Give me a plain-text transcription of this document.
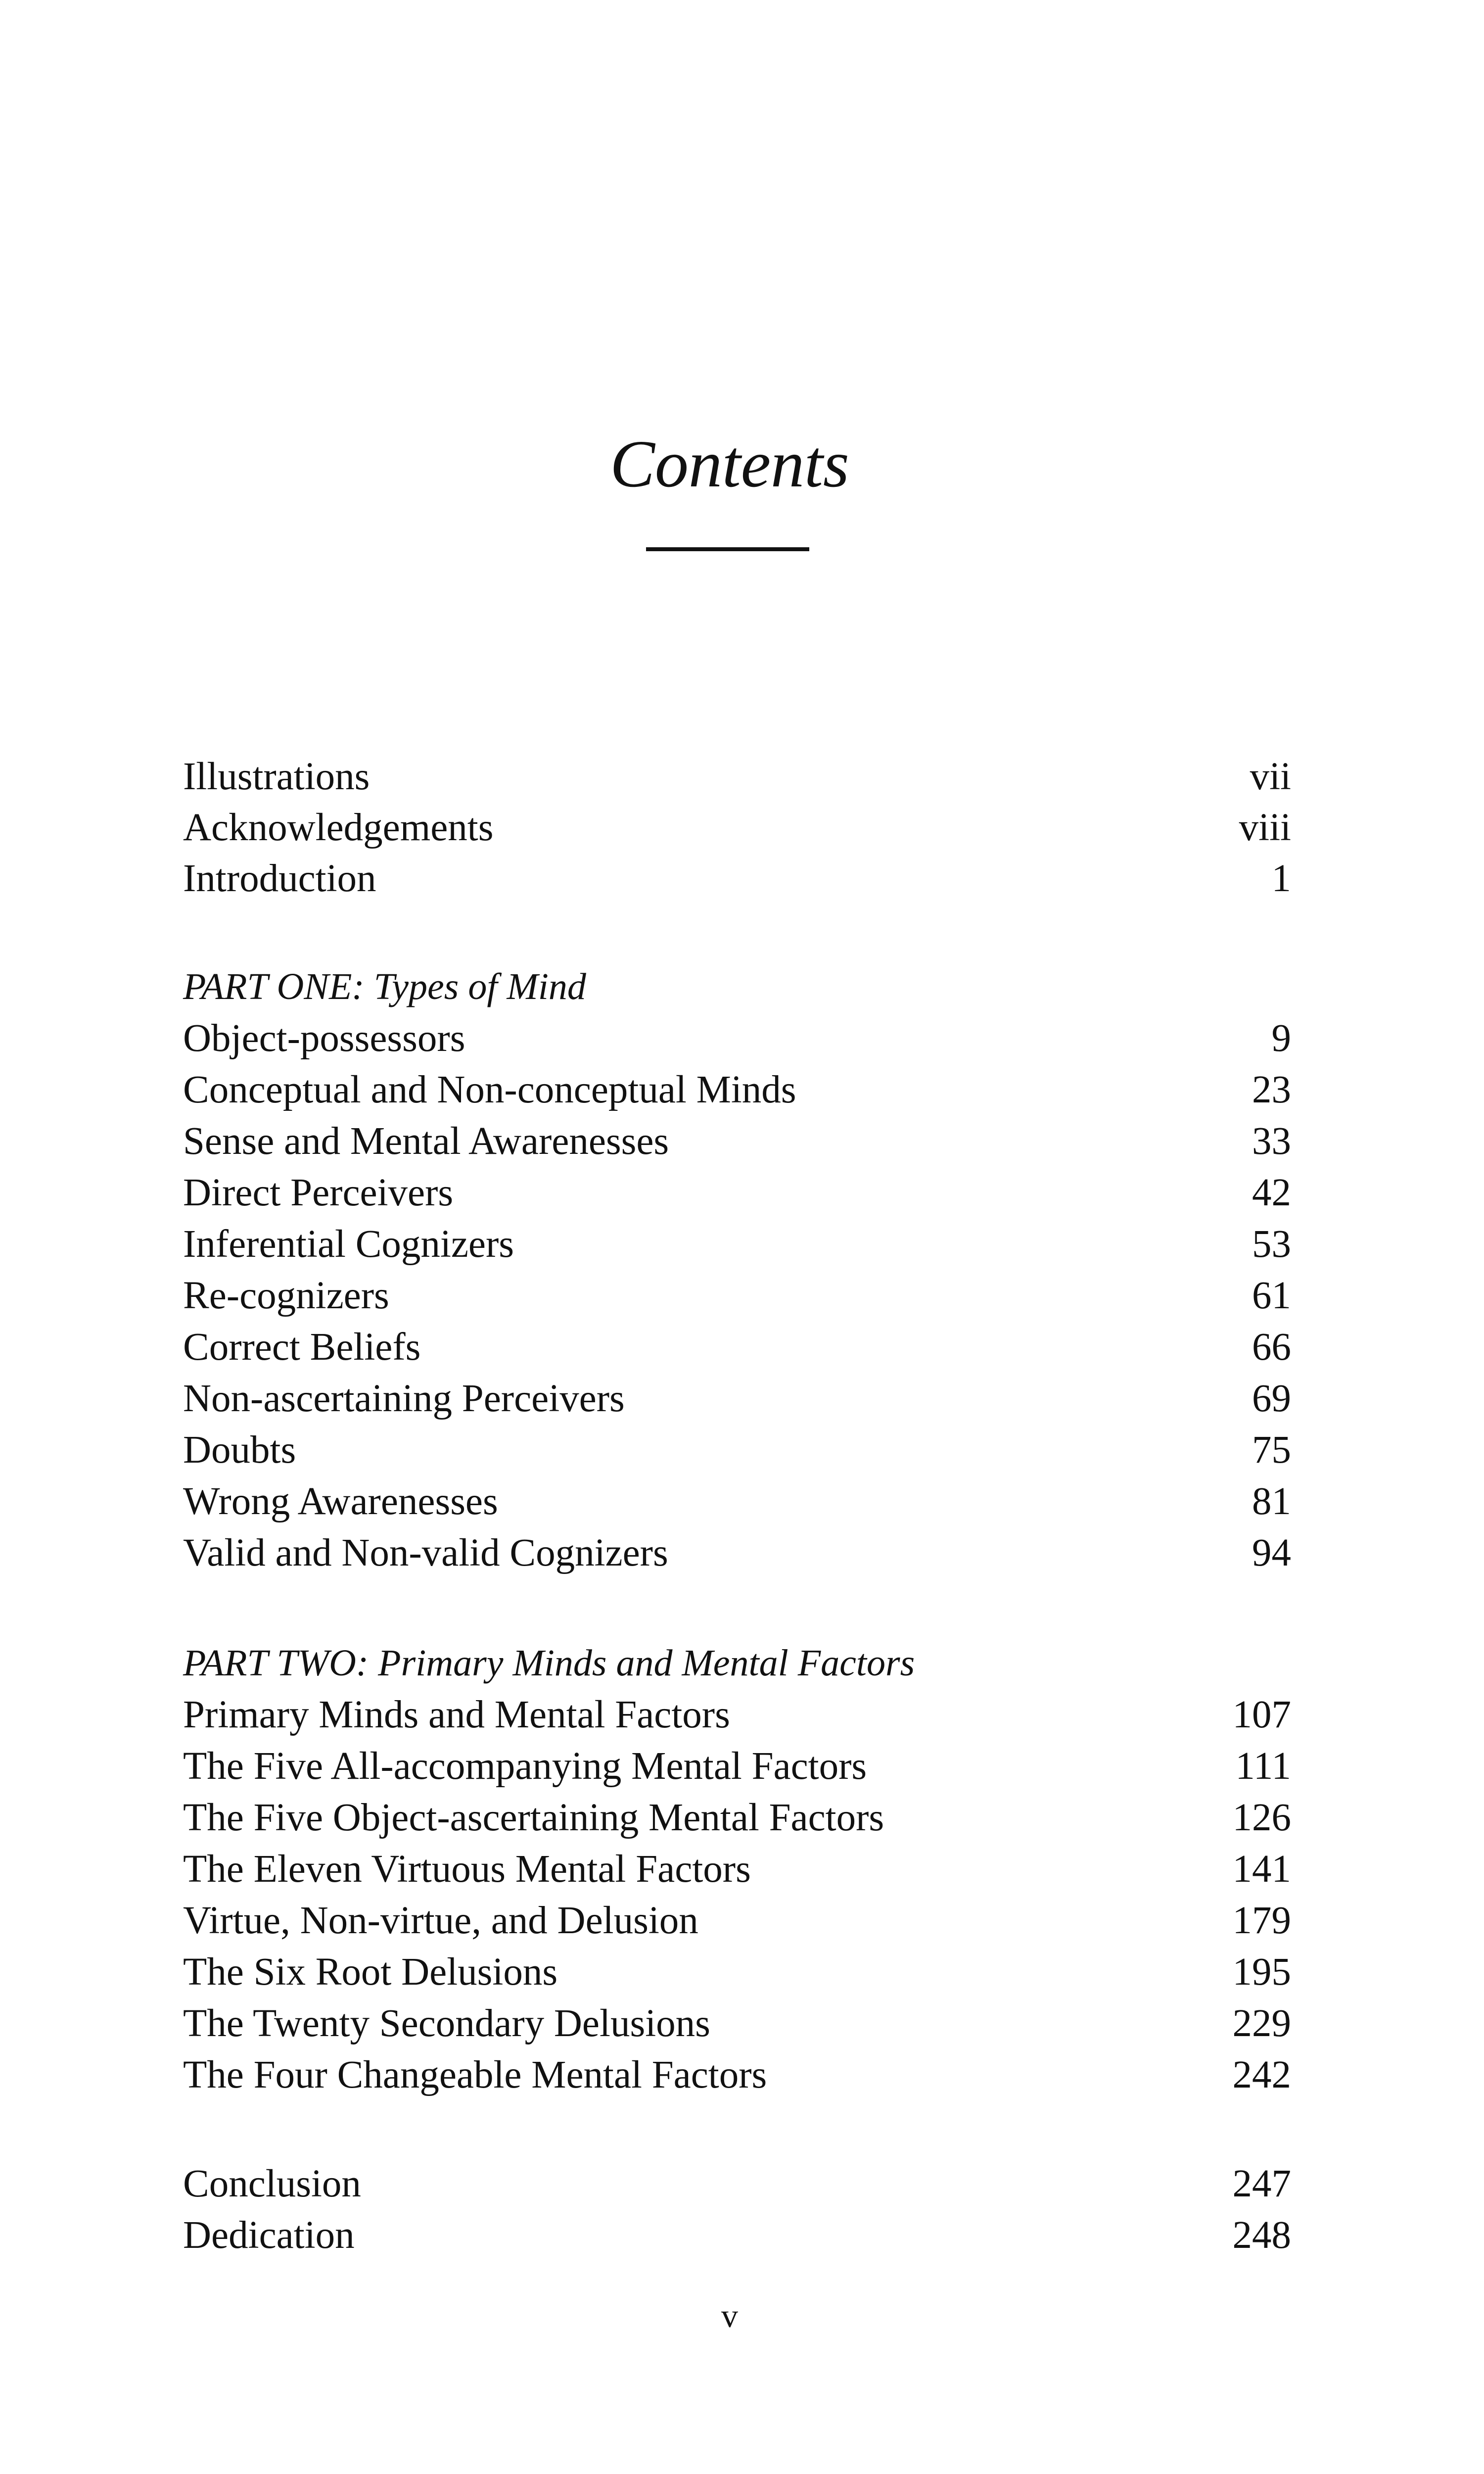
Contents
Illustrations	vii
Acknowledgements	viii
Introduction	1
PART ONE: Types of Mind
Object-possessors	9
Conceptual and Non-conceptual Minds	23
Sense and Mental Awarenesses	33
Direct Perceivers	42
Inferential Cognizers	53
Re-cognizers	61
Correct Beliefs	66
Non-ascertaining Perceivers	69
Doubts	75
Wrong Awarenesses	81
Valid and Non-valid Cognizers	94
PART TWO: Primary Minds and Mental Factors
Primary Minds and Mental Factors	107
The Five All-accompanying Mental Factors	111
The Five Object-ascertaining Mental Factors	126
The Eleven Virtuous Mental Factors	141
Virtue, Non-virtue, and Delusion	179
The Six Root Delusions	195
The Twenty Secondary Delusions	229
The Four Changeable Mental Factors	242
Conclusion	247
Dedication	248
v
